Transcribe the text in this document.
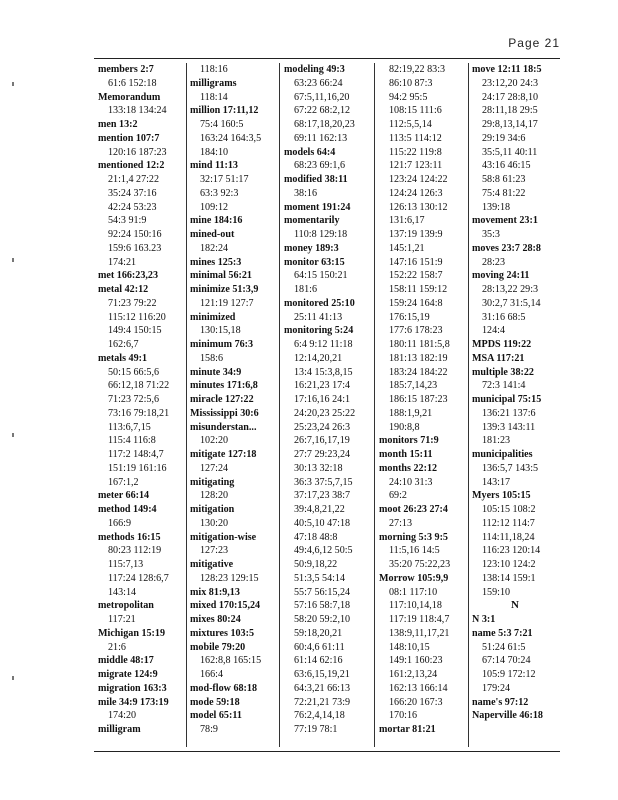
Page 21
members 2:7
61:6 152:18
Memorandum
133:18 134:24
men 13:2
mention 107:7
120:16 187:23
mentioned 12:2
21:1,4 27:22
35:24 37:16
42:24 53:23
54:3 91:9
92:24 150:16
159:6 163.23
174:21
met 166:23,23
metal 42:12
71:23 79:22
115:12 116:20
149:4 150:15
162:6,7
metals 49:1
50:15 66:5,6
66:12,18 71:22
71:23 72:5,6
73:16 79:18,21
113:6,7,15
115:4 116:8
117:2 148:4,7
151:19 161:16
167:1,2
meter 66:14
method 149:4
166:9
methods 16:15
80:23 112:19
115:7,13
117:24 128:6,7
143:14
metropolitan
117:21
Michigan 15:19
21:6
middle 48:17
migrate 124:9
migration 163:3
mile 34:9 173:19
174:20
milligram
118:16
milligrams
118:14
million 17:11,12
75:4 160:5
163:24 164:3,5
184:10
mind 11:13
32:17 51:17
63:3 92:3
109:12
mine 184:16
mined-out
182:24
mines 125:3
minimal 56:21
minimize 51:3,9
121:19 127:7
minimized
130:15,18
minimum 76:3
158:6
minute 34:9
minutes 171:6,8
miracle 127:22
Mississippi 30:6
misunderstan...
102:20
mitigate 127:18
127:24
mitigating
128:20
mitigation
130:20
mitigation-wise
127:23
mitigative
128:23 129:15
mix 81:9,13
mixed 170:15,24
mixes 80:24
mixtures 103:5
mobile 79:20
162:8,8 165:15
166:4
mod-flow 68:18
mode 59:18
model 65:11
78:9
modeling 49:3
63:23 66:24
67:5,11,16,20
67:22 68:2,12
68:17,18,20,23
69:11 162:13
models 64:4
68:23 69:1,6
modified 38:11
38:16
moment 191:24
momentarily
110:8 129:18
money 189:3
monitor 63:15
64:15 150:21
181:6
monitored 25:10
25:11 41:13
monitoring 5:24
6:4 9:12 11:18
12:14,20,21
13:4 15:3,8,15
16:21,23 17:4
17:16,16 24:1
24:20,23 25:22
25:23,24 26:3
26:7,16,17,19
27:7 29:23,24
30:13 32:18
36:3 37:5,7,15
37:17,23 38:7
39:4,8,21,22
40:5,10 47:18
47:18 48:8
49:4,6,12 50:5
50:9,18,22
51:3,5 54:14
55:7 56:15,24
57:16 58:7,18
58:20 59:2,10
59:18,20,21
60:4,6 61:11
61:14 62:16
63:6,15,19,21
64:3,21 66:13
72:21,21 73:9
76:2,4,14,18
77:19 78:1
82:19,22 83:3
86:10 87:3
94:2 95:5
108:15 111:6
112:5,5,14
113:5 114:12
115:22 119:8
121:7 123:11
123:24 124:22
124:24 126:3
126:13 130:12
131:6,17
137:19 139:9
145:1,21
147:16 151:9
152:22 158:7
158:11 159:12
159:24 164:8
176:15,19
177:6 178:23
180:11 181:5,8
181:13 182:19
183:24 184:22
185:7,14,23
186:15 187:23
188:1,9,21
190:8,8
monitors 71:9
month 15:11
months 22:12
24:10 31:3
69:2
moot 26:23 27:4
27:13
morning 5:3 9:5
11:5,16 14:5
35:20 75:22,23
Morrow 105:9,9
08:1 117:10
117:10,14,18
117:19 118:4,7
138:9,11,17,21
148:10,15
149:1 160:23
161:2,13,24
162:13 166:14
166:20 167:3
170:16
mortar 81:21
move 12:11 18:5
23:12,20 24:3
24:17 28:8,10
28:11,18 29:5
29:8,13,14,17
29:19 34:6
35:5,11 40:11
43:16 46:15
58:8 61:23
75:4 81:22
139:18
movement 23:1
35:3
moves 23:7 28:8
28:23
moving 24:11
28:13,22 29:3
30:2,7 31:5,14
31:16 68:5
124:4
MPDS 119:22
MSA 117:21
multiple 38:22
72:3 141:4
municipal 75:15
136:21 137:6
139:3 143:11
181:23
municipalities
136:5,7 143:5
143:17
Myers 105:15
105:15 108:2
112:12 114:7
114:11,18,24
116:23 120:14
123:10 124:2
138:14 159:1
159:10
N
N 3:1
name 5:3 7:21
51:24 61:5
67:14 70:24
105:9 172:12
179:24
name's 97:12
Naperville 46:18
